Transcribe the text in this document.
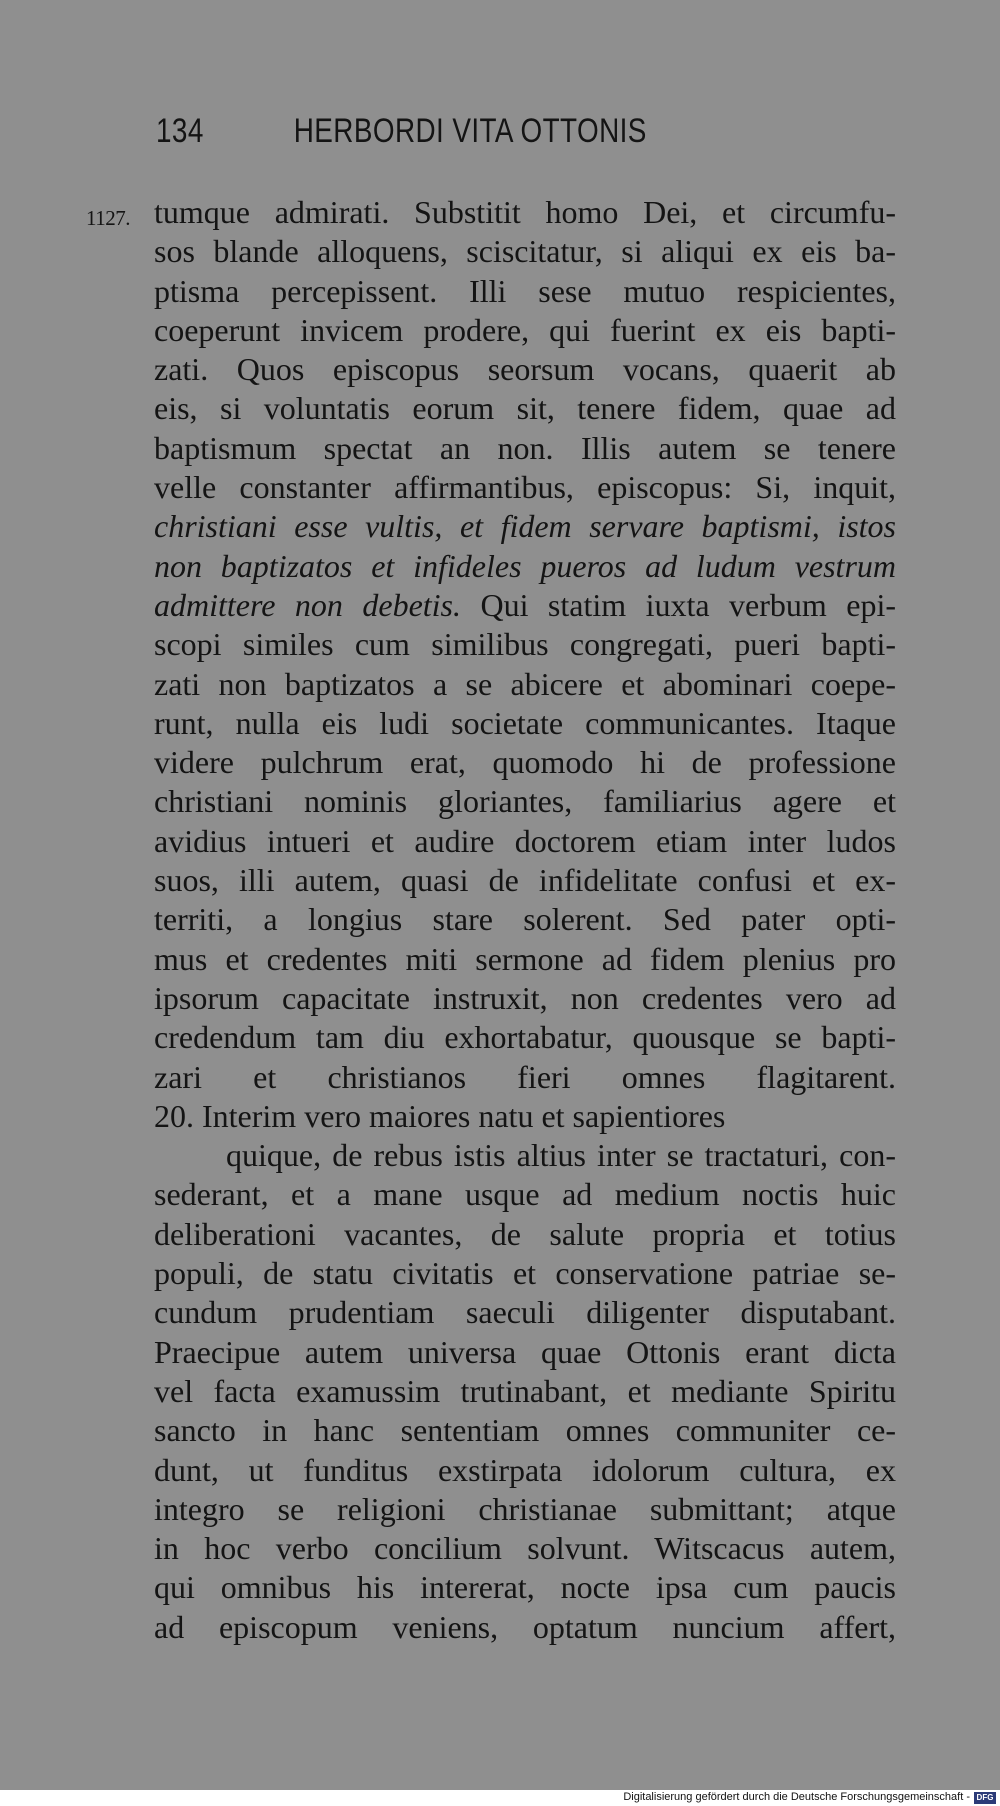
134	HERBORDI VITA OTTONIS
1127. tumque admirati. Substitit homo Dei, et circumfu-
sos blande alloquens, sciscitatur, si aliqui ex eis ba-
ptisma percepissent. Illi sese mutuo respicientes,
coeperunt invicem prodere, qui fuerint ex eis bapti-
zati. Quos episcopus seorsum vocans, quaerit ab
eis, si voluntatis eorum sit, tenere fidem, quae ad
baptismum spectat an non. Illis autem se tenere
velle constanter affirmantibus, episcopus: Si, inquit,
christiani esse vultis, et fidem servare baptismi, istos
non baptizatos et infideles pueros ad ludum vestrum
admittere non debetis. Qui statim iuxta verbum epi-
scopi similes cum similibus congregati, pueri bapti-
zati non baptizatos a se abicere et abominari coepe-
runt, nulla eis ludi societate communicantes. Itaque
videre pulchrum erat, quomodo hi de professione
christiani nominis gloriantes, familiarius agere et
avidius intueri et audire doctorem etiam inter ludos
suos, illi autem, quasi de infidelitate confusi et ex-
territi, a longius stare solerent. Sed pater opti-
mus et credentes miti sermone ad fidem plenius pro
ipsorum capacitate instruxit, non credentes vero ad
credendum tam diu exhortabatur, quousque se bapti-
zari et christianos fieri omnes flagitarent.
20. Interim vero maiores natu et sapientiores
quique, de rebus istis altius inter se tractaturi, con-
sederant, et a mane usque ad medium noctis huic
deliberationi vacantes, de salute propria et totius
populi, de statu civitatis et conservatione patriae se-
cundum prudentiam saeculi diligenter disputabant.
Praecipue autem universa quae Ottonis erant dicta
vel facta examussim trutinabant, et mediante Spiritu
sancto in hanc sententiam omnes communiter ce-
dunt, ut funditus exstirpata idolorum cultura, ex
integro se religioni christianae submittant; atque
in hoc verbo concilium solvunt. Witscacus autem,
qui omnibus his intererat, nocte ipsa cum paucis
ad episcopum veniens, optatum nuncium affert,
Digitalisierung gefördert durch die Deutsche Forschungsgemeinschaft - DFG
